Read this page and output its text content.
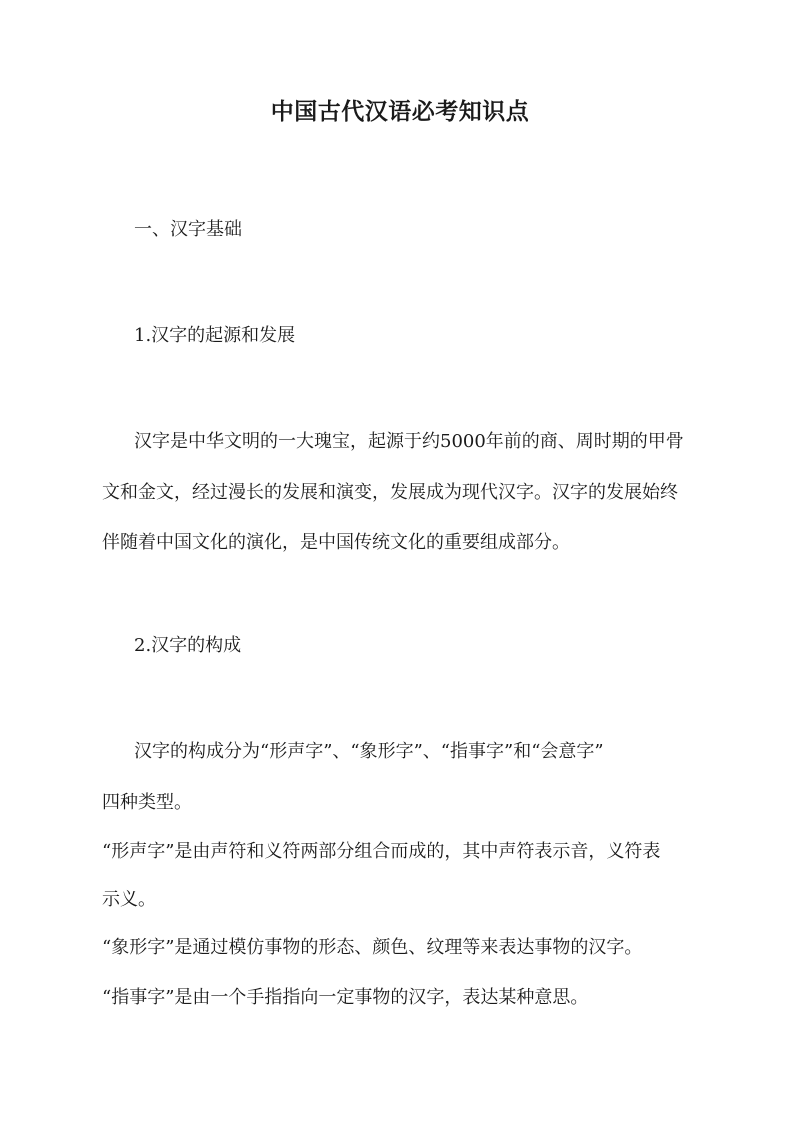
中国古代汉语必考知识点
一、汉字基础
1.汉字的起源和发展
汉字是中华文明的一大瑰宝，起源于约5000年前的商、周时期的甲骨
文和金文，经过漫长的发展和演变，发展成为现代汉字。汉字的发展始终
伴随着中国文化的演化，是中国传统文化的重要组成部分。
2.汉字的构成
汉字的构成分为“形声字”、“象形字”、“指事字”和“会意字”
四种类型。
“形声字”是由声符和义符两部分组合而成的，其中声符表示音，义符表
示义。
“象形字”是通过模仿事物的形态、颜色、纹理等来表达事物的汉字。
“指事字”是由一个手指指向一定事物的汉字，表达某种意思。
